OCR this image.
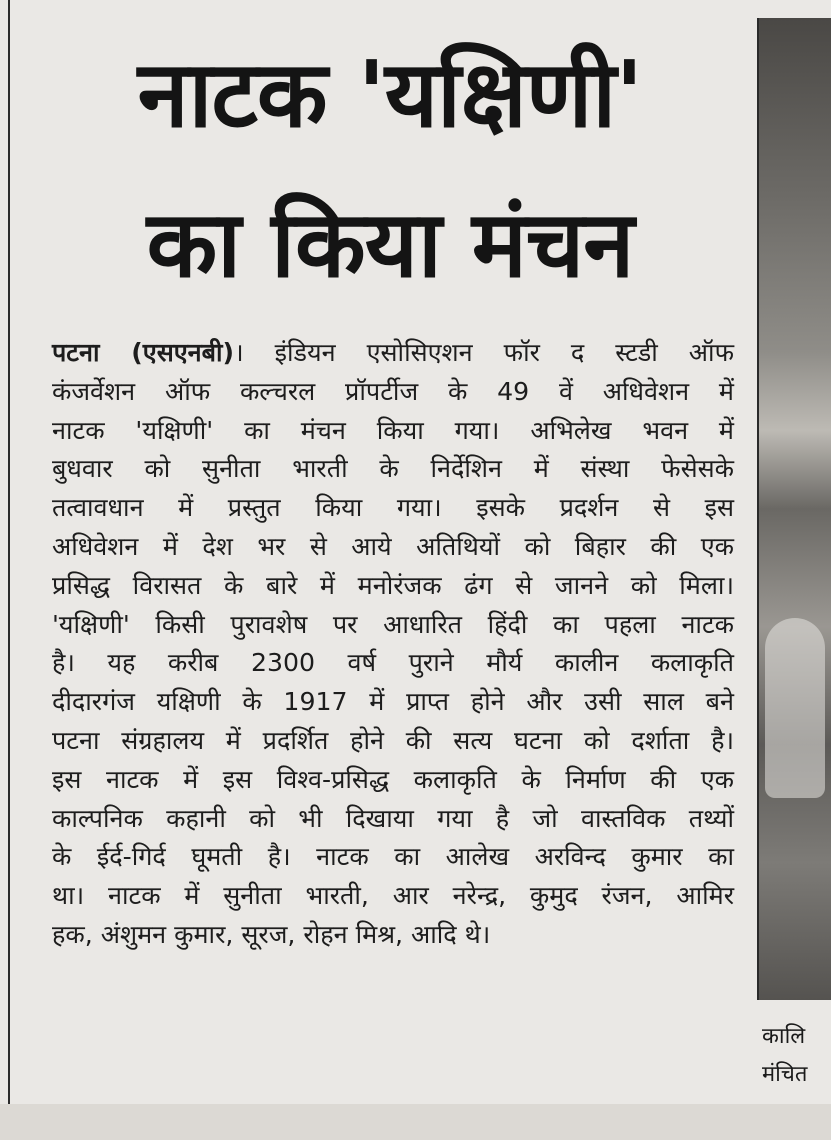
नाटक 'यक्षिणी'
का किया मंचन
पटना (एसएनबी)। इंडियन एसोसिएशन फॉर द स्टडी ऑफ
कंजर्वेशन ऑफ कल्चरल प्रॉपर्टीज के 49 वें अधिवेशन में
नाटक 'यक्षिणी' का मंचन किया गया। अभिलेख भवन में
बुधवार को सुनीता भारती के निर्देशिन में संस्था फेसेसके
तत्वावधान में प्रस्तुत किया गया। इसके प्रदर्शन से इस
अधिवेशन में देश भर से आये अतिथियों को बिहार की एक
प्रसिद्ध विरासत के बारे में मनोरंजक ढंग से जानने को मिला।
'यक्षिणी' किसी पुरावशेष पर आधारित हिंदी का पहला नाटक
है। यह करीब 2300 वर्ष पुराने मौर्य कालीन कलाकृति
दीदारगंज यक्षिणी के 1917 में प्राप्त होने और उसी साल बने
पटना संग्रहालय में प्रदर्शित होने की सत्य घटना को दर्शाता है।
इस नाटक में इस विश्व-प्रसिद्ध कलाकृति के निर्माण की एक
काल्पनिक कहानी को भी दिखाया गया है जो वास्तविक तथ्यों
के ईर्द-गिर्द घूमती है। नाटक का आलेख अरविन्द कुमार का
था। नाटक में सुनीता भारती, आर नरेन्द्र, कुमुद रंजन, आमिर
हक, अंशुमन कुमार, सूरज, रोहन मिश्र, आदि थे।
कालि
मंचित
